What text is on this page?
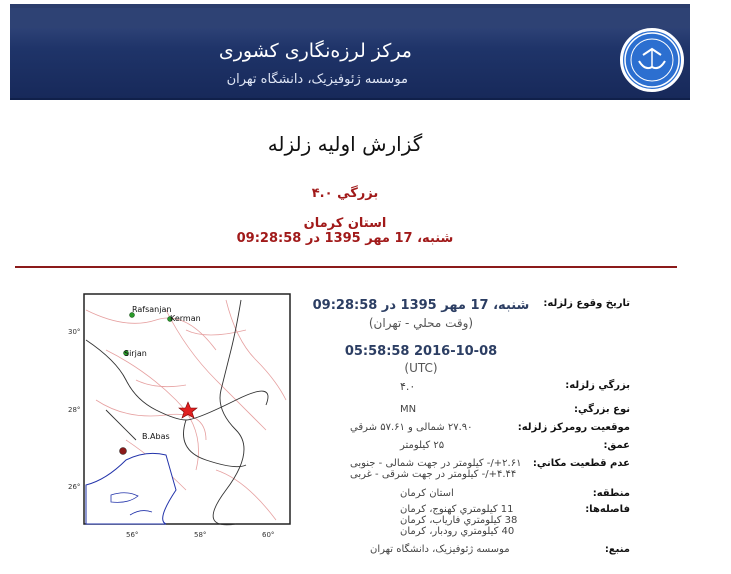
مرکز لرزه‌نگاری کشوری
موسسه ژئوفیزیک، دانشگاه تهران
گزارش اولیه زلزله
بزرگي ۴.۰
استان کرمان
شنبه، 17 مهر 1395 در 09:28:58
Rafsanjan
Kerman
Sirjan
B.Abas
30°
28°
26°
56°	58°	60°
تاریخ وقوع زلزله:
شنبه، 17 مهر 1395 در 09:28:58
(وقت محلي - تهران)
2016-10-08 05:58:58
(UTC)
بزرگي زلزله:
۴.۰
نوع بزرگي:
MN
موقعیت رومرکز زلزله:
۲۷.۹۰ شمالی و ۵۷.۶۱ شرقي
عمق:
۲۵ کیلومتر
عدم قطعیت مکاني:
۲.۶۱+/- کیلومتر در جهت شمالی - جنوبی
۴.۴۴+/- کیلومتر در جهت شرقی - غربی
منطقه:
استان کرمان
فاصله‌ها:
11 کیلومتري کهنوج، کرمان
38 کیلومتري فارياب، کرمان
40 کیلومتري رودبار، کرمان
منبع:
موسسه ژئوفیزیک، دانشگاه تهران
